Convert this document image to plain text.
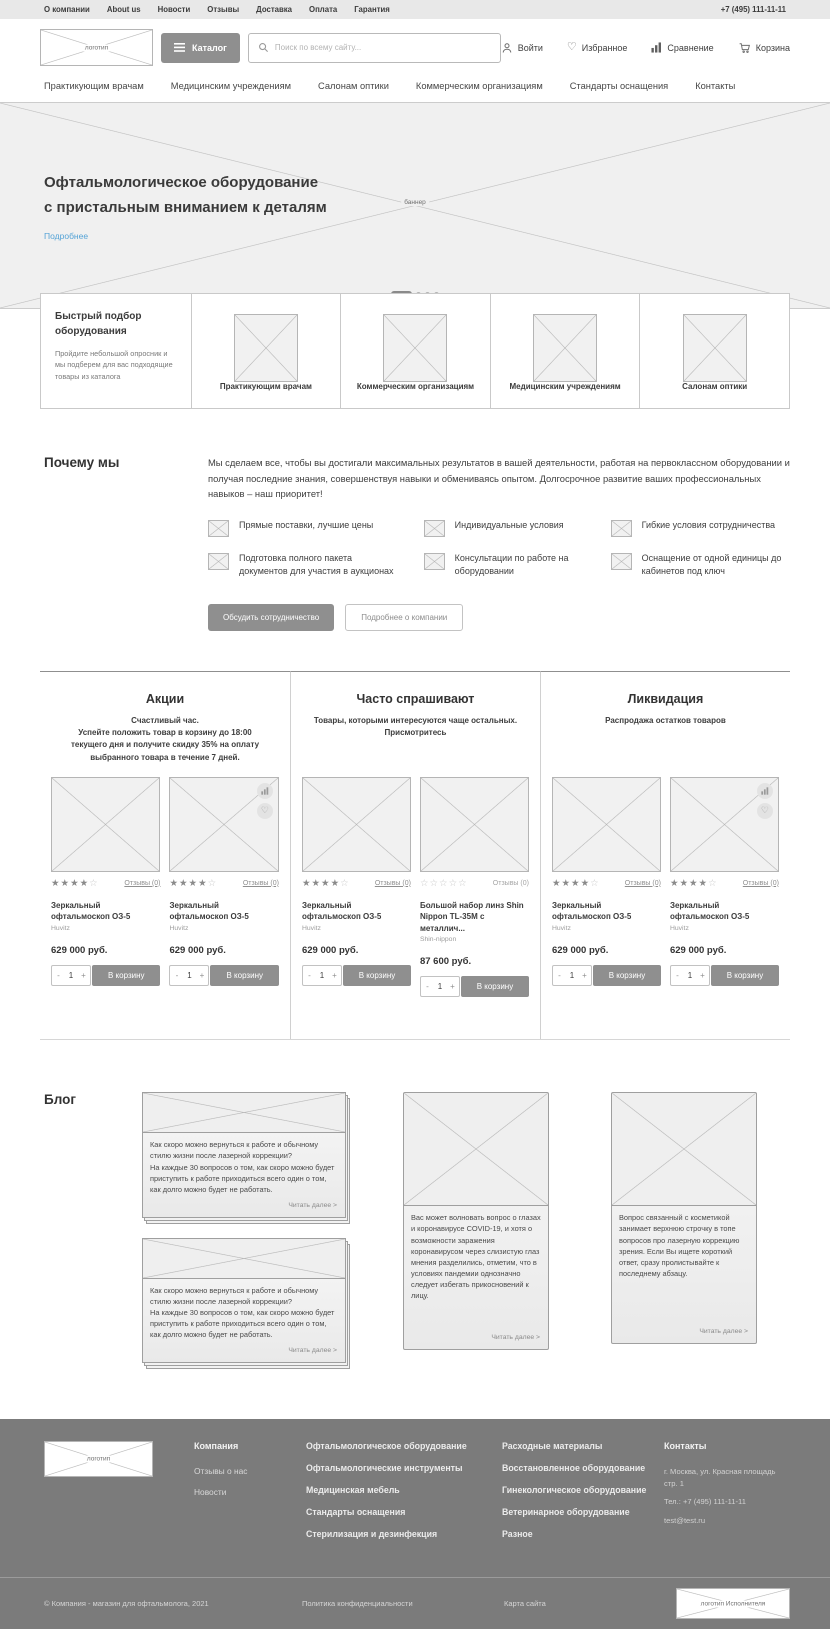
О компании About us Новости Отзывы Доставка Оплата Гарантия	+7 (495) 111-11-11
логотип	Каталог
Поиск по всему сайту...	Войти ♡ Избранное	Сравнение	Корзина
Практикующим врачам	Медицинским учреждениям	Салонам оптики	Коммерческим организациям	Стандарты оснащения	Контакты
Офтальмологическое оборудование
с пристальным вниманием к деталям
Подробнее
баннер
Быстрый подбор оборудования
Пройдите небольшой опросник и мы подберем для вас подходящие товары из каталога
Практикующим врачам	Коммерческим организациям	Медицинским учреждениям	Салонам оптики
Почему мы	Мы сделаем все, чтобы вы достигали максимальных результатов в вашей деятельности, работая на первоклассном оборудовании и получая последние знания, совершенствуя навыки и обмениваясь опытом. Долгосрочное развитие ваших профессиональных навыков – наш приоритет!
Прямые поставки, лучшие цены	Индивидуальные условия	Гибкие условия сотрудничества
Подготовка полного пакета документов для участия в аукционах
Консультации по работе на оборудовании
Оснащение от одной единицы до кабинетов под ключ
Обсудить сотрудничество	Подробнее о компании
Акции
Счастливый час.
Успейте положить товар в корзину до 18:00
текущего дня и получите скидку 35% на оплату
выбранного товара в течение 7 дней.
★★★★☆	Отзывы (0)
Зеркальный офтальмоскоп ОЗ-5
Huvitz
629 000 руб.
-	1 +	В корзину
♡
★★★★☆	Отзывы (0)
Зеркальный офтальмоскоп ОЗ-5
Huvitz
629 000 руб.
-	1 +	В корзину
Часто спрашивают
Товары, которыми интересуются чаще остальных.
Присмотритесь
★★★★☆	Отзывы (0)
Зеркальный офтальмоскоп ОЗ-5
Huvitz
629 000 руб.
-	1 +	В корзину
☆☆☆☆☆	Отзывы (0)
Большой набор линз Shin Nippon TL-35M с металлич...
Shin-nippon
87 600 руб.
-	1 +	В корзину
Ликвидация
Распродажа остатков товаров
★★★★☆	Отзывы (0)
Зеркальный офтальмоскоп ОЗ-5
Huvitz
629 000 руб.
-	1 +	В корзину
♡
★★★★☆	Отзывы (0)
Зеркальный офтальмоскоп ОЗ-5
Huvitz
629 000 руб.
-	1 +	В корзину
Блог
Как скоро можно вернуться к работе и обычному стилю жизни после лазерной коррекции?
На каждые 30 вопросов о том, как скоро можно будет приступить к работе приходиться всего один о том, как долго можно будет не работать.
Читать далее >
Как скоро можно вернуться к работе и обычному стилю жизни после лазерной коррекции?
На каждые 30 вопросов о том, как скоро можно будет приступить к работе приходиться всего один о том, как долго можно будет не работать.
Читать далее >
Вас может волновать вопрос о глазах и коронавирусе COVID-19, и хотя о возможности заражения коронавирусом через слизистую глаз мнения разделились, отметим, что в условиях пандемии однозначно следует избегать прикосновений к лицу.
Читать далее >
Вопрос связанный с косметикой занимает верхнюю строчку в топе вопросов про лазерную коррекцию зрения. Если Вы ищете короткий ответ, сразу пролистывайте к последнему абзацу.
Читать далее >
логотип
Компания
Отзывы о нас
Новости
Офтальмологическое оборудование
Офтальмологические инструменты
Медицинская мебель
Стандарты оснащения
Стерилизация и дезинфекция
Расходные материалы
Восстановленное оборудование
Гинекологическое оборудование
Ветеринарное оборудование
Разное
Контакты
г. Москва, ул. Красная площадь стр. 1
Тел.: +7 (495) 111-11-11
test@test.ru
© Компания - магазин для офтальмолога, 2021	Политика конфиденциальности	Карта сайта	логотип Исполнителя
